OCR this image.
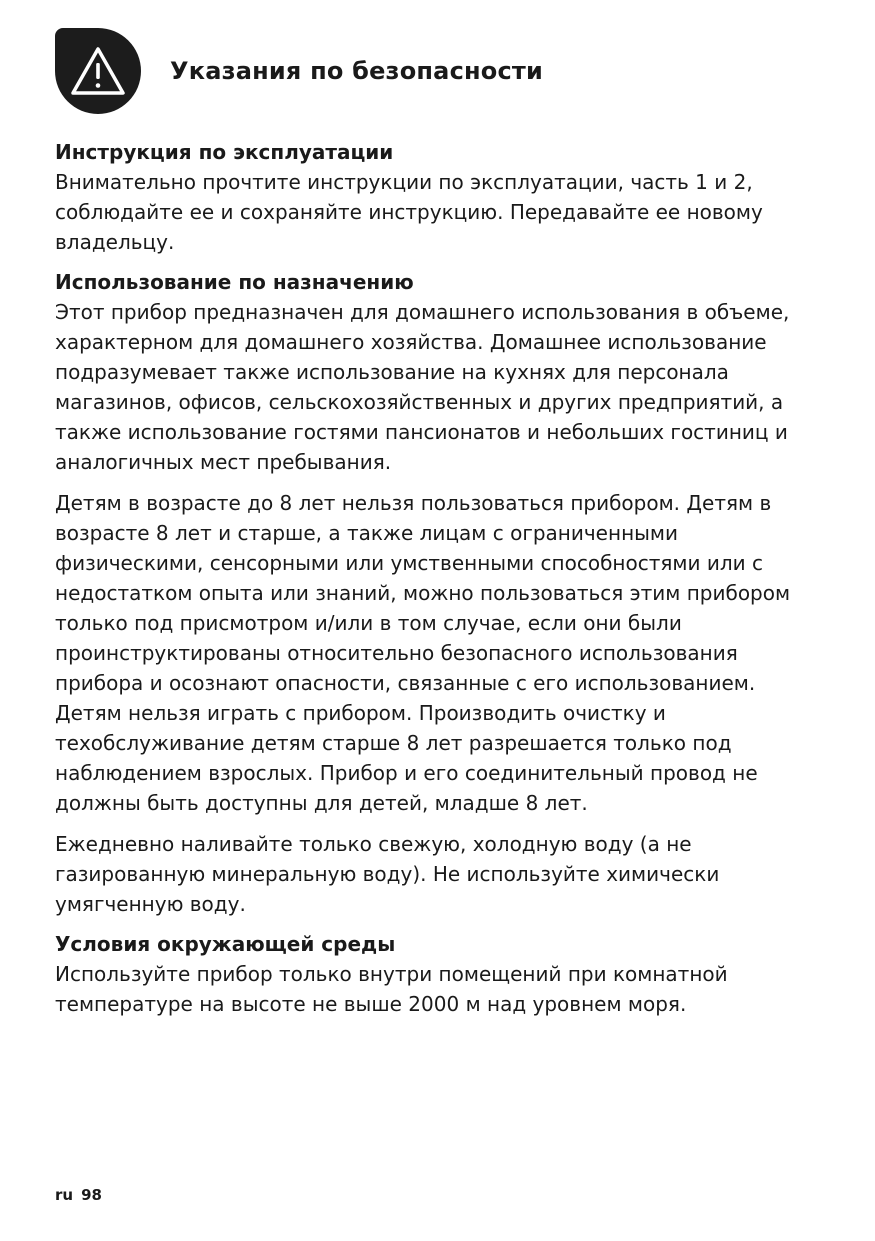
Указания по безопасности
Инструкция по эксплуатации

Внимательно прочтите инструкции по эксплуатации, часть 1 и 2, соблюдайте ее и сохраняйте инструкцию. Передавайте ее новому владельцу.

Использование по назначению

Этот прибор предназначен для домашнего использования в объеме, характерном для домашнего хозяйства. Домашнее использование подразумевает также использование на кухнях для персонала магазинов, офисов, сельскохозяйственных и других предприятий, а также использование гостями пансионатов и небольших гостиниц и аналогичных мест пребывания.

Детям в возрасте до 8 лет нельзя пользоваться прибором. Детям в возрасте 8 лет и старше, а также лицам с ограниченными физическими, сенсорными или умственными способностями или с недостатком опыта или знаний, можно пользоваться этим прибором только под присмотром и/или в том случае, если они были проинструктированы относительно безопасного использования прибора и осознают опасности, связанные с его использованием. Детям нельзя играть с прибором. Производить очистку и техобслуживание детям старше 8 лет разрешается только под наблюдением взрослых. Прибор и его соединительный провод не должны быть доступны для детей, младше 8 лет.

Ежедневно наливайте только свежую, холодную воду (а не газированную минеральную воду). Не используйте химически умягченную воду.

Условия окружающей среды

Используйте прибор только внутри помещений при комнатной температуре на высоте не выше 2000 м над уровнем моря.

ru 98
